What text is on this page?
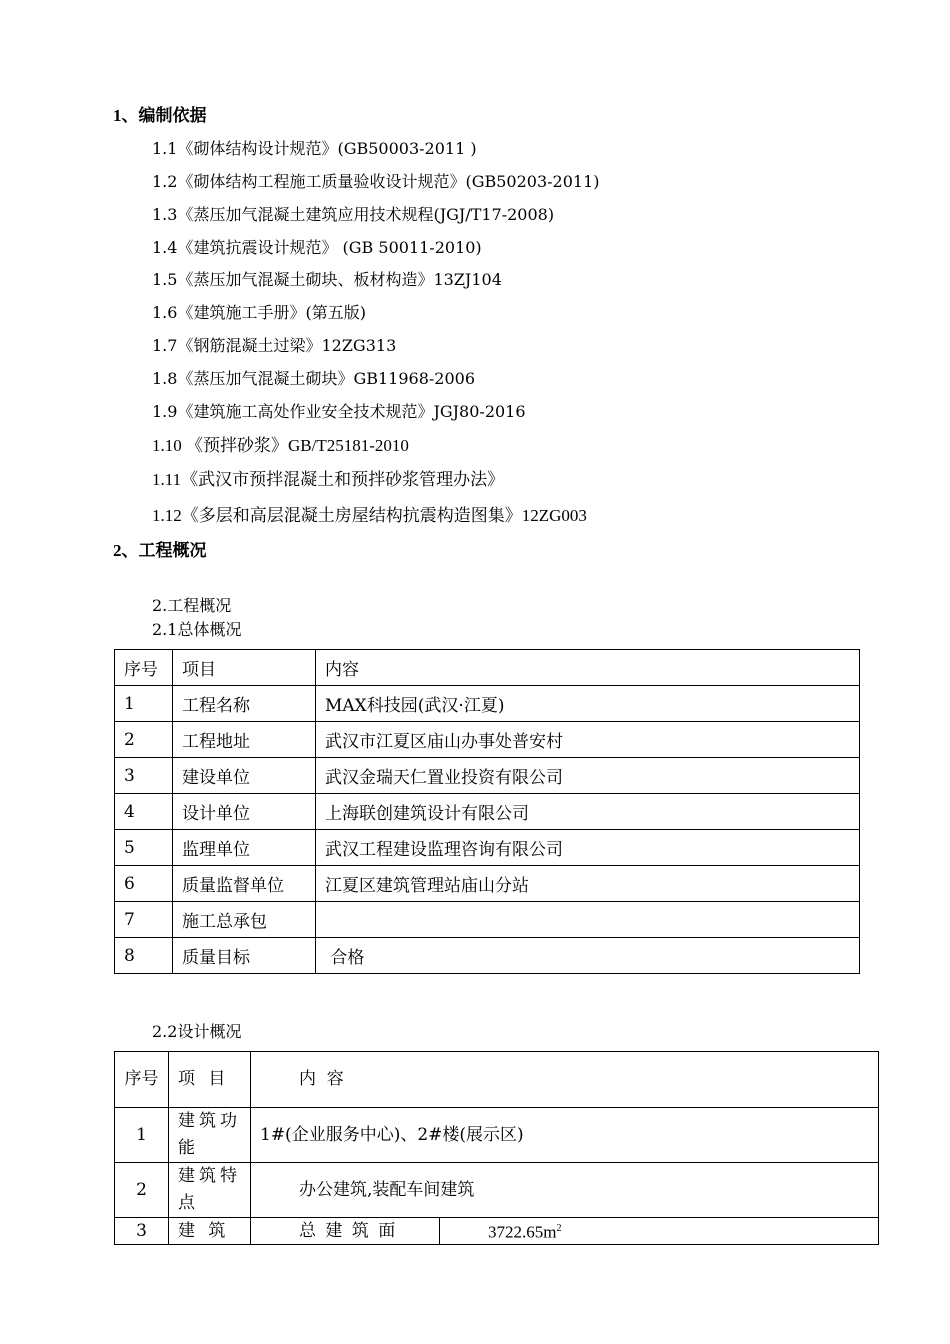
1、编制依据
1.1《砌体结构设计规范》(GB50003-2011 )
1.2《砌体结构工程施工质量验收设计规范》(GB50203-2011)
1.3《蒸压加气混凝土建筑应用技术规程(JGJ/T17-2008)
1.4《建筑抗震设计规范》 (GB 50011-2010)
1.5《蒸压加气混凝土砌块、板材构造》13ZJ104
1.6《建筑施工手册》(第五版)
1.7《钢筋混凝土过梁》12ZG313
1.8《蒸压加气混凝土砌块》GB11968-2006
1.9《建筑施工高处作业安全技术规范》JGJ80-2016
1.10 《预拌砂浆》GB/T25181-2010
1.11《武汉市预拌混凝土和预拌砂浆管理办法》
1.12《多层和高层混凝土房屋结构抗震构造图集》12ZG003
2、工程概况
2.工程概况
2.1总体概况
序号	项目	内容
1	工程名称	MAX科技园(武汉·江夏)
2	工程地址	武汉市江夏区庙山办事处普安村
3	建设单位	武汉金瑞天仁置业投资有限公司
4	设计单位	上海联创建筑设计有限公司
5	监理单位	武汉工程建设监理咨询有限公司
6	质量监督单位	江夏区建筑管理站庙山分站
7	施工总承包	
8	质量目标	合格
2.2设计概况
序号	项 目	内  容	
1	建筑功能	1#(企业服务中心)、2#楼(展示区)	
2	建筑特点	办公建筑,装配车间建筑	
3	建 筑	总 建 筑 面	$3722.65m^2$
